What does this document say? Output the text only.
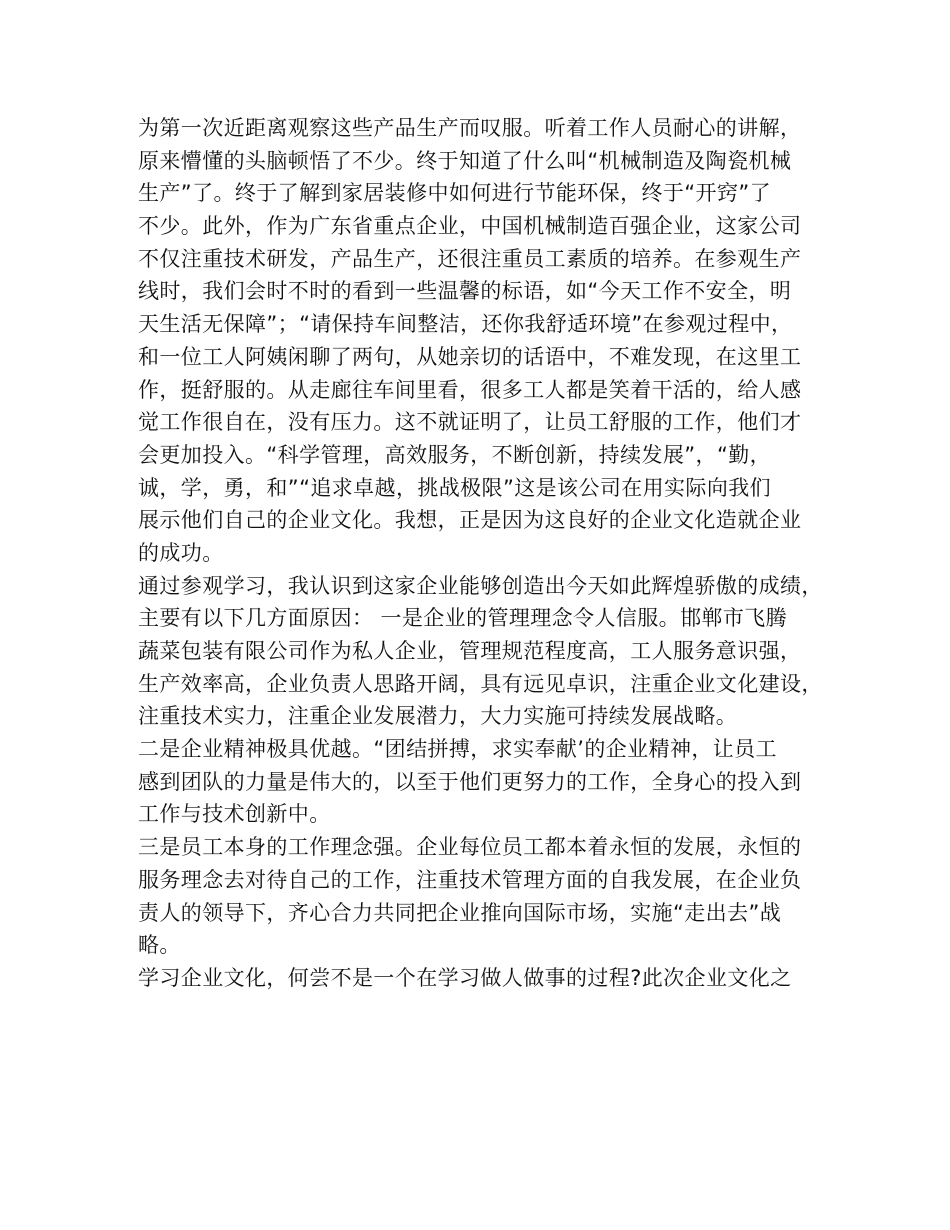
为第一次近距离观察这些产品生产而叹服。听着工作人员耐心的讲解，
原来懵懂的头脑顿悟了不少。终于知道了什么叫“机械制造及陶瓷机械
生产”了。终于了解到家居装修中如何进行节能环保，终于“开窍”了
不少。此外，作为广东省重点企业，中国机械制造百强企业，这家公司
不仅注重技术研发，产品生产，还很注重员工素质的培养。在参观生产
线时，我们会时不时的看到一些温馨的标语，如“今天工作不安全，明
天生活无保障”；“请保持车间整洁，还你我舒适环境”在参观过程中，
和一位工人阿姨闲聊了两句，从她亲切的话语中，不难发现，在这里工
作，挺舒服的。从走廊往车间里看，很多工人都是笑着干活的，给人感
觉工作很自在，没有压力。这不就证明了，让员工舒服的工作，他们才
会更加投入。“科学管理，高效服务，不断创新，持续发展”，“勤，
诚，学，勇，和”“追求卓越，挑战极限”这是该公司在用实际向我们
展示他们自己的企业文化。我想，正是因为这良好的企业文化造就企业
的成功。
通过参观学习，我认识到这家企业能够创造出今天如此辉煌骄傲的成绩，
主要有以下几方面原因： 一是企业的管理理念令人信服。邯郸市飞腾
蔬菜包装有限公司作为私人企业，管理规范程度高，工人服务意识强，
生产效率高，企业负责人思路开阔，具有远见卓识，注重企业文化建设，
注重技术实力，注重企业发展潜力，大力实施可持续发展战略。
二是企业精神极具优越。“团结拼搏，求实奉献’的企业精神，让员工
感到团队的力量是伟大的，以至于他们更努力的工作，全身心的投入到
工作与技术创新中。
三是员工本身的工作理念强。企业每位员工都本着永恒的发展，永恒的
服务理念去对待自己的工作，注重技术管理方面的自我发展，在企业负
责人的领导下，齐心合力共同把企业推向国际市场，实施“走出去”战
略。
学习企业文化，何尝不是一个在学习做人做事的过程?此次企业文化之
